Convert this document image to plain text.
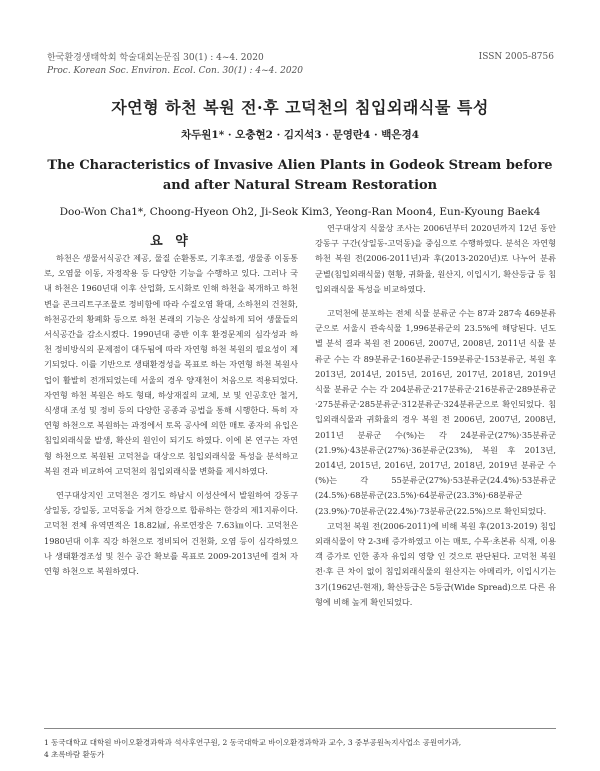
한국환경생태학회 학술대회논문집 30(1) : 4~4. 2020
Proc. Korean Soc. Environ. Ecol. Con. 30(1) : 4~4. 2020
ISSN 2005-8756
자연형 하천 복원 전·후 고덕천의 침입외래식물 특성
차두원1* · 오충현2 · 김지석3 · 문영란4 · 백은경4
The Characteristics of Invasive Alien Plants in Godeok Stream before and after Natural Stream Restoration
Doo-Won Cha1*, Choong-Hyeon Oh2, Ji-Seok Kim3, Yeong-Ran Moon4, Eun-Kyoung Baek4
요 약

하천은 생물서식공간 제공, 물질 순환통로, 기후조절, 생물종 이동통로, 오염물 이동, 자정작용 등 다양한 기능을 수행하고 있다. 그러나 국내 하천은 1960년대 이후 산업화, 도시화로 인해 하천을 복개하고 하천변을 콘크리트구조물로 정비함에 따라 수질오염 확대, 소하천의 건천화, 하천공간의 황폐화 등으로 하천 본래의 기능은 상실하게 되어 생물들의 서식공간을 감소시켰다. 1990년대 중반 이후 환경문제의 심각성과 하천 정비방식의 문제점이 대두됨에 따라 자연형 하천 복원의 필요성이 제기되었다. 이를 기반으로 생태환경성을 목표로 하는 자연형 하천 복원사업이 활발히 전개되었는데 서울의 경우 양재천이 처음으로 적용되었다. 자연형 하천 복원은 하도 형태, 하상재질의 교체, 보 및 인공호안 철거, 식생대 조성 및 정비 등의 다양한 공종과 공법을 통해 시행한다. 특히 자연형 하천으로 복원하는 과정에서 토목 공사에 의한 매토 종자의 유입은 침입외래식물 발생, 확산의 원인이 되기도 하였다. 이에 본 연구는 자연형 하천으로 복원된 고덕천을 대상으로 침입외래식물 특성을 분석하고 복원 전과 비교하여 고덕천의 침입외래식물 변화를 제시하였다.

연구대상지인 고덕천은 경기도 하남시 이성산에서 발원하여 강동구 상일동, 강일동, 고덕동을 거쳐 한강으로 합류하는 한강의 제1지류이다. 고덕천 전체 유역면적은 18.82㎢, 유로연장은 7.63㎞이다. 고덕천은 1980년대 이후 직강 하천으로 정비되어 건천화, 오염 등이 심각하였으나 생태환경조성 및 친수 공간 확보를 목표로 2009-2013년에 걸쳐 자연형 하천으로 복원하였다.

연구대상지 식물상 조사는 2006년부터 2020년까지 12년 동안 강동구 구간(상일동-고덕동)을 중심으로 수행하였다. 분석은 자연형 하천 복원 전(2006-2011년)과 후(2013-2020년)로 나누어 분류군별(침입외래식물) 현황, 귀화율, 원산지, 이입시기, 확산등급 등 침입외래식물 특성을 비교하였다.

고덕천에 분포하는 전체 식물 분류군 수는 87과 287속 469분류군으로 서울시 관속식물 1,996분류군의 23.5%에 해당된다. 년도별 분석 결과 복원 전 2006년, 2007년, 2008년, 2011년 식물 분류군 수는 각 89분류군·160분류군·159분류군·153분류군, 복원 후 2013년, 2014년, 2015년, 2016년, 2017년, 2018년, 2019년 식물 분류군 수는 각 204분류군·217분류군·216분류군·289분류군·275분류군·285분류군·312분류군·324분류군으로 확인되었다. 침입외래식물과 귀화율의 경우 복원 전 2006년, 2007년, 2008년, 2011년 분류군 수(%)는 각 24분류군(27%)·35분류군(21.9%)·43분류군(27%)·36분류군(23%), 복원 후 2013년, 2014년, 2015년, 2016년, 2017년, 2018년, 2019년 분류군 수(%)는 각 55분류군(27%)·53분류군(24.4%)·53분류군(24.5%)·68분류군(23.5%)·64분류군(23.3%)·68분류군(23.9%)·70분류군(22.4%)·73분류군(22.5%)으로 확인되었다.

고덕천 복원 전(2006-2011)에 비해 복원 후(2013-2019) 침입외래식물이 약 2-3배 증가하였고 이는 매토, 수목·초본류 식재, 이용객 증가로 인한 종자 유입의 영향 인 것으로 판단된다. 고덕천 복원 전·후 큰 차이 없이 침입외래식물의 원산지는 아메리카, 이입시기는 3기(1962년-현재), 확산등급은 5등급(Wide Spread)으로 다른 유형에 비해 높게 확인되었다.

1 동국대학교 대학원 바이오환경과학과 석사후연구원, 2 동국대학교 바이오환경과학과 교수, 3 중부공원녹지사업소 공원여가과,
4 초록바람 환동가
